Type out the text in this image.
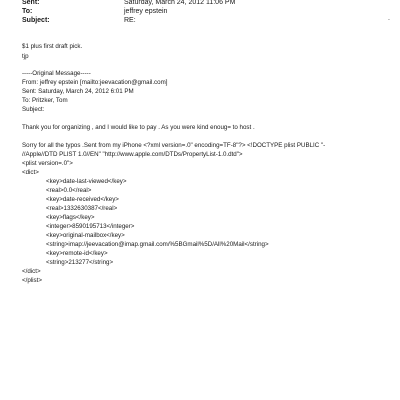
Sent:	Saturday, March 24, 2012 11:06 PM
To:	jeffrey epstein
Subject:	RE:	.
$1 plus first draft pick.
tjp
-----Original Message-----
From: jeffrey epstein [mailto:jeevacation@gmail.com]
Sent: Saturday, March 24, 2012 6:01 PM
To: Pritzker, Tom
Subject:
Thank you for organizing , and I would like to pay . As you were kind enoug= to host .
Sorry for all the typos .Sent from my iPhone <?xml version=.0" encoding=TF-8"?> <!DOCTYPE plist PUBLIC "-
//Apple//DTD PLIST 1.0//EN" "http://www.apple.com/DTDs/PropertyList-1.0.dtd">
<plist version=.0">
<dict>
<key>date-last-viewed</key>
<real>0.0</real>
<key>date-received</key>
<real>1332630387</real>
<key>flags</key>
<integer>8590195713</integer>
<key>original-mailbox</key>
<string>imap://jeevacation@imap.gmail.com/%5BGmail%5D/All%20Mail</string>
<key>remote-id</key>
<string>213277</string>
</dict>
</plist>
